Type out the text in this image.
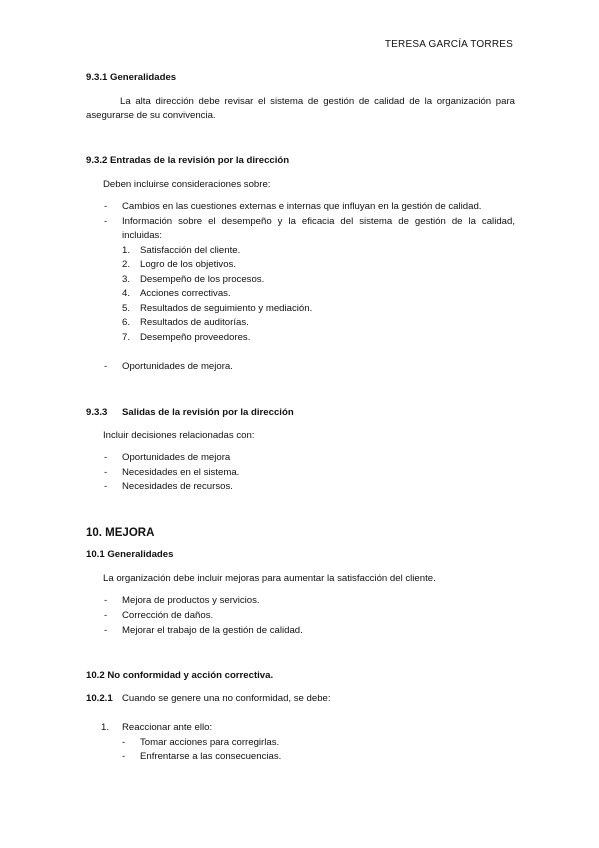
TERESA GARCÍA TORRES
9.3.1 Generalidades
La alta dirección debe revisar el sistema de gestión de calidad de la organización para
asegurarse de su convivencia.
9.3.2 Entradas de la revisión por la dirección
Deben incluirse consideraciones sobre:
-	Cambios en las cuestiones externas e internas que influyan en la gestión de calidad.
-	Información sobre el desempeño y la eficacia del sistema de gestión de la calidad,
incluidas:
1. Satisfacción del cliente.
2. Logro de los objetivos.
3. Desempeño de los procesos.
4. Acciones correctivas.
5. Resultados de seguimiento y mediación.
6. Resultados de auditorías.
7. Desempeño proveedores.
-	Oportunidades de mejora.
9.3.3 Salidas de la revisión por la dirección
Incluir decisiones relacionadas con:
-	Oportunidades de mejora
-	Necesidades en el sistema.
-	Necesidades de recursos.
10. MEJORA
10.1 Generalidades
La organización debe incluir mejoras para aumentar la satisfacción del cliente.
-	Mejora de productos y servicios.
-	Corrección de daños.
-	Mejorar el trabajo de la gestión de calidad.
10.2 No conformidad y acción correctiva.
10.2.1 Cuando se genere una no conformidad, se debe:
1. Reaccionar ante ello:
-	Tomar acciones para corregirlas.
-	Enfrentarse a las consecuencias.
